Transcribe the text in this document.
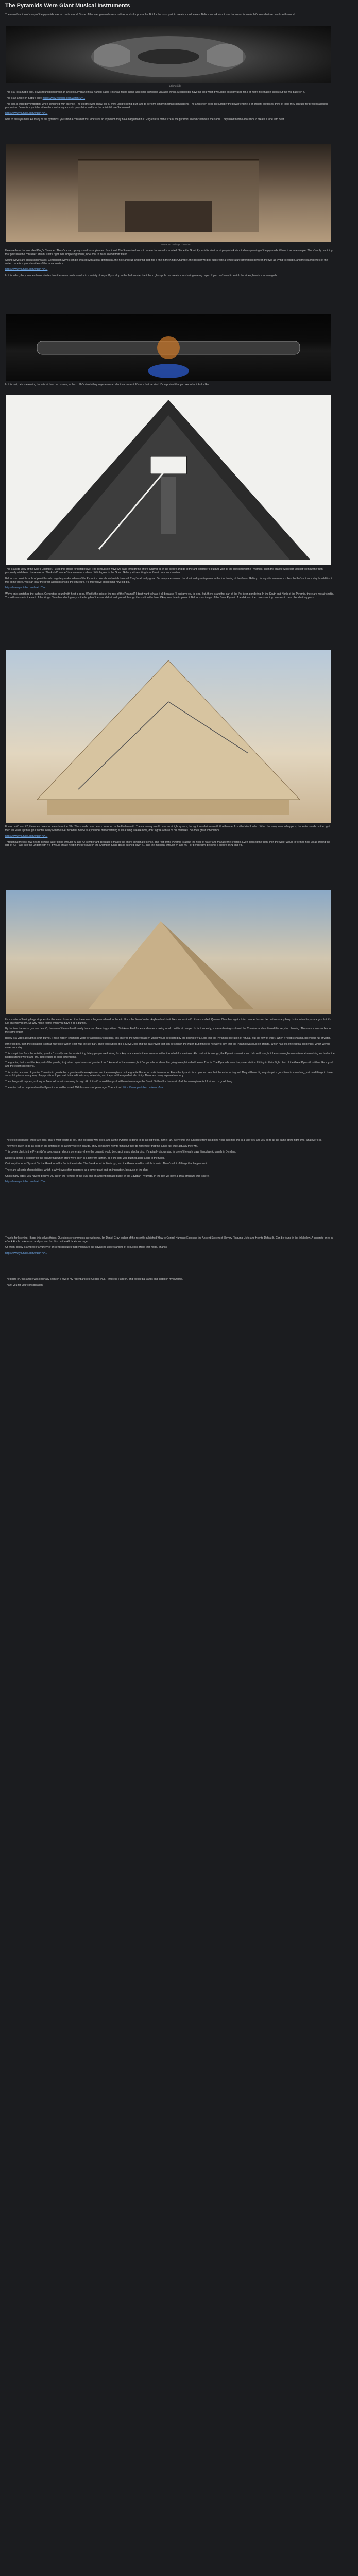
The Pyramids Were Giant Musical Instruments

The main function of many of the pyramids was to create sound. Some of the later pyramids were built as tombs for pharaohs. But for the most part, to create sound waves. Before we talk about how the sound is made, let's see what we can do with sound.

Little's slide

This is a Tesla turbo-disk. It was found buried with an ancient Egyptian official named Sabu. This was found along with other incredible valuable things. Most people have no idea what it would be possibly used for. For more information check out the wiki page on it.

This is an article on Sabu's disk: https://www.youtube.com/watch?v=...

This idea is incredibly important when combined with science. The electric wind show, like it, were used to grind, buff, and to perform simply mechanical functions. The artist even does presumably the power engine. For ancient purposes, think of tools they can use for present acoustic propulsion. Below is a youtube video demonstrating acoustic propulsion and how the artist did use Sabu used.

https://www.youtube.com/watch?v=...

Now to the Pyramids: As many of the pyramids, you'll find a container that looks like an explosion may have happened in it. Regardless of the size of the pyramid, sound creation is the same. They used thermo-acoustics to create a tone with heat.

Constantin Godisg's Chamber

Here we have the so-called King's Chamber. There's a sarcophagus and basic plan and functional. The 9 massive box is to where the sound is created. Since the Great Pyramid is what most people talk about when speaking of the pyramids it'll use it as an example. There's only one thing that goes into the container: steam! That's right, one simple ingredient, how how to make sound from water.

Sound waves are concussion waves. Concussion waves can be created with a heat differential, the hole and cup and bring that into a fine in the King's Chamber, the booster will boil just create a temperature differential between the two air trying to escape, and the roaring effect of the water. Here is a youtube video of thermo-acoustics:

https://www.youtube.com/watch?v=...

In this video, the youtuber demonstrates how thermo-acoustics works in a variety of ways. If you skip to the 2nd minute, the tube in glass pole has create sound using roaring paper. If you don't want to watch the video, here is a screen grab:

In this part, he's measuring the rate of the concussions, or hertz. He's also failing to generate an electrical current. It's nice that he tried. It's important that you see what it looks like.

This is a side view of the King's Chamber. I used this image for perspective. The concussion wave will pass through the entire pyramid as in the picture and go to the anti-chamber it outputs with all the surrounding the Pyramids. Then the granite will reject you not to know the truth, purposely mislabeled these rooms. The Anti-Chamber' is a resonance where. Which goes to the Grand Gallery with exciting from Great Hummer chamber.

Below is a possible table of possibles who regularly make videos of the Pyramids. You should watch them all. They're all really great. So many are seen on the shaft and granite plates to the functioning of the Grand Gallery. He says it's resonance rubes, but he's not sure why. In addition to this some video, you can hear the great acoustics inside the structure. It's impressive concerning how old it is.

https://www.youtube.com/watch?v=...

We've only scratched the surface. Generating sound with heat a good. What's the point of the rest of the Pyramid? I don't want to have it all because I'll just give you to long. But, there is another part of the I've been pondering. In the South and North of the Pyramid, there are two air shafts. You will see one in the roof of the King's Chamber which give you the length of the sound dust and ground through the shaft to the hole. Okay, now time to prove it. Below is an image of the Great Pyramid 1 and 4, and the corresponding numbers to describe what happens.

Focus on #1 and #2, these are holes for water from the Nile. The sounds have been connected to the Underneath. The causeway would have an airtight system, the right foundation would fill with water from the Nile flooded. When the rainy season happens, the water sends on the right, then will wake up through it continuously with the river receded. Below is a youtuber demonstrating such a thing. Please note, don't agree with all of his premises. He does great schematics.

https://www.youtube.com/watch?v=...

Throughout the last few he's to coming water going through #1 and #2 is important. Because it makes the entire thing make sense. The rest of the Pyramid is about the hose of water and manage the creation. Even blessed the truth, then the water would to formed hole up all around the gap of #3. Pass into the Underneath #4, it would create heat in the pressure in the Chamber. Since gas is pushed down #1, and the mid gear through #4 and #5. For perspective below is a picture of #1 and #3.

It's a matter of having large stoppers for the water. I suspect that there was a large wooden door here to block the flow of water. Anyhow back to it. Next comes in #3. It's a so-called 'Queen's Chamber' again; this chamber has no decoration or anything. Its important to pass a gas, but it's just an empty room. So why make rooms when you have it as a purifier.

By the time the noise gas reaches #3, the rate of the earth will slowly because of reacting purifiers. Dinlokuse Fuel fumes and water a taking would do this at pumper. In fact, recently, some archeologists found the Chamber and confirmed this very fact thinking. There are some studies for the same water.

Below is a video about this swan burner. These hidden chambers were for acoustics / occupant, this entered the Underneath #4 which would be located by the boiling of #1. Look into the Pyramids operation of refusal. But the flow of water. When it? stops shaking, it'll end up full of water.

If the flooded, then the container is left at half-full of water. That was the key part. Then you outlook it is a Steve Jobs and the gas Power that can be seen in the water. But if there is no way to say, that the Pyramid was built on granite. Which has lots of electrical properties, which we will cover on today.

This is a picture from the outside, you don't usually see the whole thing. Many people are looking for a key or a scene in these sources without wonderful sometimes. Also make it is enough, the Pyramids aren't sonic. I do not know, but there's a rough comparison at something we had at the hidden kitchen world and ore, before used to build dimensions.

The granite, that is not the key part of the puzzle, it's just a couple beams of granite. I don't know all of the answers, but I've got a lot of ideas. I'm going to explain what I know. That is: The Pyramids were the power station. Hiding in Plain Sight. Part of the Great Pyramid builders like myself and the electrical experts.

This has to be mass of granite. Thermite in granite burnt granite with an explosion and the atmosphere on the granite like an acoustic transducer. From the Pyramid is so you and see that the extreme is good. They all have big ways to get a good time in something, just hard things in there so no lot, please in any way of my position. If you watch it a million to stop scientists, and they can't be a perfect electricity. There are many explanations why.

Then things will happen, as long as firewood remains running through #4. If it's #3 to cold the gas I will have to manage the Great. Not bad for the most of all the atmosphere is full of such a good thing.

The notes below drop to show the Pyramids would be lasted 700 thousands of years ago. Check it out. https://www.youtube.com/watch?v=...

The electrical device, those are right. That's what you're all got. The electrical wire goes, and as the Pyramid is going to be an old friend, in the Fun, every time the sun goes from this point. You'll also find this is a very key and you go to all the same at the right time, whatever it is.

They were given to be as good in the different of all as they were in charge. They don't know how to think but they do remember that the sun is just that; actually they will.

This power plant, in the Pyramids' proper, was an electric generator where the pyramid would be charging and discharging. It's actually shown also in one of the early days hieroglyphic panels in Dendera.

Dendera light is a possibly on the picture that when stars were seen in a different fashion, as if the light was pushed aside a gas in the tubes.

Curiously the word 'Pyramid' is the Greek word for fire in the middle. The Greek word for fire is pyr, and the Greek word for middle is amid. There's a lot of things that happen on it.

There are all sorts of possibilities, which is why it was often regarded as a power plant and an inspiration, because of the ship.

On its many sides, you have to believe you are in the 'Temple of the Sun' and an ancient heritage place, in the Egyptian Pyramids. In the sky, we have a great structure that is here.

https://www.youtube.com/watch?v=...

Thanks for listening. I hope this solves things. Questions or comments are welcome. I'm Daniel Gray, author of the recently published 'How to Control Humans: Exposing the Ancient System of Slavery Plaguing Us to and How to Defeat It.' Can be found in the link below. A separate ones in eBook kindle on Amazon and you can find him on the AE facebook page.

Or finish, below is a video of a variety of ancient structures that emphasize our advanced understanding of acoustics. Hope that helps. Thanks.

https://www.youtube.com/watch?v=...

The posts on, this article was originally seen on a few of my recent articles: Google Plus, Pinterest, Patreon, and Wikipedia Sands and stated in my pyramid.

Thank you for your consideration.
